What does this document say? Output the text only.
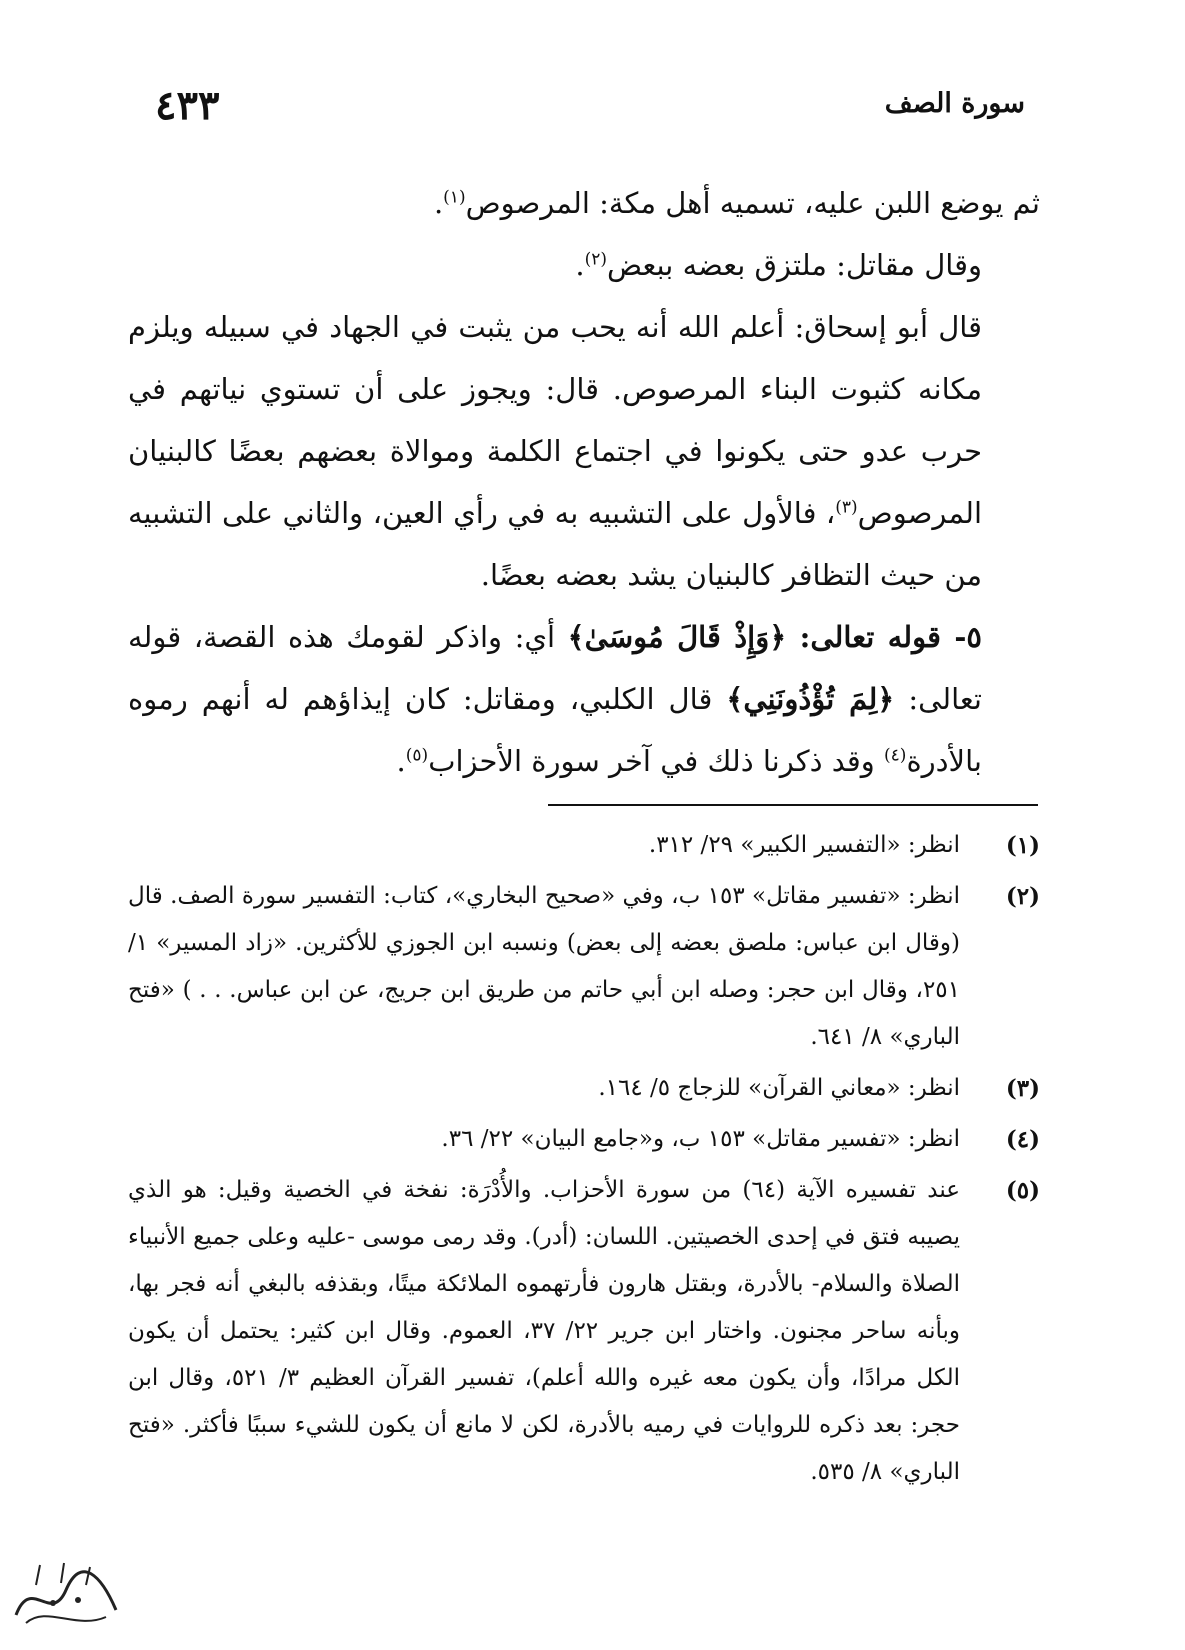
سورة الصف
٤٣٣

ثم يوضع اللبن عليه، تسميه أهل مكة: المرصوص$^{(١)}$.

وقال مقاتل: ملتزق بعضه ببعض$^{(٢)}$.

قال أبو إسحاق: أعلم الله أنه يحب من يثبت في الجهاد في سبيله ويلزم مكانه كثبوت البناء المرصوص. قال: ويجوز على أن تستوي نياتهم في حرب عدو حتى يكونوا في اجتماع الكلمة وموالاة بعضهم بعضًا كالبنيان المرصوص$^{(٣)}$، فالأول على التشبيه به في رأي العين، والثاني على التشبيه من حيث التظافر كالبنيان يشد بعضه بعضًا.

٥- قوله تعالى: ﴿وَإِذْ قَالَ مُوسَىٰ﴾ أي: واذكر لقومك هذه القصة، قوله تعالى: ﴿لِمَ تُؤْذُونَنِي﴾ قال الكلبي، ومقاتل: كان إيذاؤهم له أنهم رموه بالأدرة$^{(٤)}$ وقد ذكرنا ذلك في آخر سورة الأحزاب$^{(٥)}$.

(١)
انظر: «التفسير الكبير» ٢٩/ ٣١٢.
(٢)
انظر: «تفسير مقاتل» ١٥٣ ب، وفي «صحيح البخاري»، كتاب: التفسير سورة الصف. قال (وقال ابن عباس: ملصق بعضه إلى بعض) ونسبه ابن الجوزي للأكثرين. «زاد المسير» ١/ ٢٥١، وقال ابن حجر: وصله ابن أبي حاتم من طريق ابن جريج، عن ابن عباس. . . ) «فتح الباري» ٨/ ٦٤١.
(٣)
انظر: «معاني القرآن» للزجاج ٥/ ١٦٤.
(٤)
انظر: «تفسير مقاتل» ١٥٣ ب، و«جامع البيان» ٢٢/ ٣٦.
(٥)
عند تفسيره الآية (٦٤) من سورة الأحزاب. والأُدْرَة: نفخة في الخصية وقيل: هو الذي يصيبه فتق في إحدى الخصيتين. اللسان: (أدر). وقد رمى موسى -عليه وعلى جميع الأنبياء الصلاة والسلام- بالأدرة، وبقتل هارون فأرتهموه الملائكة ميتًا، وبقذفه بالبغي أنه فجر بها، وبأنه ساحر مجنون. واختار ابن جرير ٢٢/ ٣٧، العموم. وقال ابن كثير: يحتمل أن يكون الكل مرادًا، وأن يكون معه غيره والله أعلم)، تفسير القرآن العظيم ٣/ ٥٢١، وقال ابن حجر: بعد ذكره للروايات في رميه بالأدرة، لكن لا مانع أن يكون للشيء سببًا فأكثر. «فتح الباري» ٨/ ٥٣٥.
